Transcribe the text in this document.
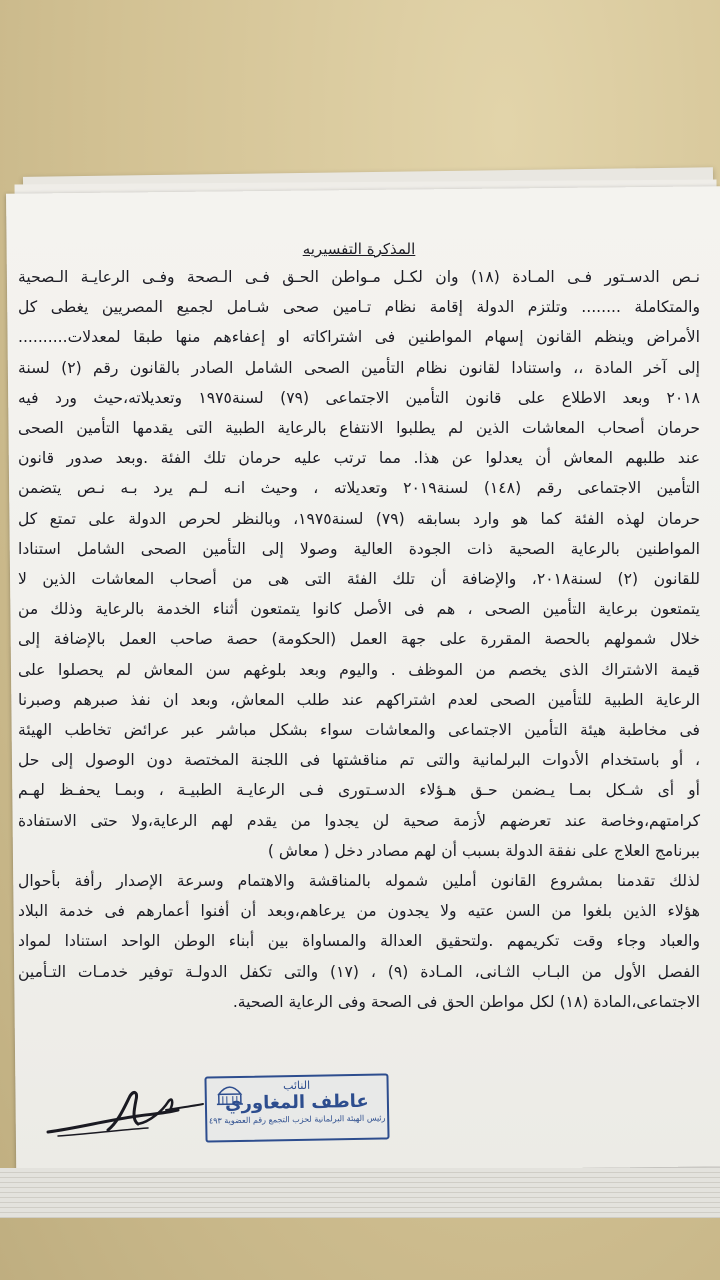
المذكرة التفسيريه
نـص الدسـتور فـى المـادة (١٨) وان لكـل مـواطن الحـق فـى الـصحة وفـى الرعايـة الـصحية
والمتكاملة ........ وتلتزم الدولة إقامة نظام تـامين صحى شـامل لجميع المصريين يغطى كل
الأمراض وينظم القانون إسهام المواطنين فى اشتراكاته او إعفاءهم منها طبقا لمعدلات..........
إلى آخر المادة ،، واستنادا لقانون نظام التأمين الصحى الشامل الصادر بالقانون رقم (٢) لسنة
٢٠١٨ وبعد الاطلاع على قانون التأمين الاجتماعى (٧٩) لسنة١٩٧٥ وتعديلاته،حيث ورد فيه
حرمان أصحاب المعاشات الذين لم يطلبوا الانتفاع بالرعاية الطبية التى يقدمها التأمين الصحى
عند طلبهم المعاش أن يعدلوا عن هذا. مما ترتب عليه حرمان تلك الفئة .وبعد صدور قانون
التأمين الاجتماعى رقم (١٤٨) لسنة٢٠١٩ وتعديلاته ، وحيث انـه لـم يرد بـه نـص يتضمن
حرمان لهذه الفئة كما هو وارد بسابقه (٧٩) لسنة١٩٧٥، وبالنظر لحرص الدولة على تمتع كل
المواطنين بالرعاية الصحية ذات الجودة العالية وصولا إلى التأمين الصحى الشامل استنادا
للقانون (٢) لسنة٢٠١٨، والإضافة أن تلك الفئة التى هى من أصحاب المعاشات الذين لا
يتمتعون برعاية التأمين الصحى ، هم فى الأصل كانوا يتمتعون أثناء الخدمة بالرعاية وذلك من
خلال شمولهم بالحصة المقررة على جهة العمل (الحكومة) حصة صاحب العمل بالإضافة إلى
قيمة الاشتراك الذى يخصم من الموظف . واليوم وبعد بلوغهم سن المعاش لم يحصلوا على
الرعاية الطبية للتأمين الصحى لعدم اشتراكهم عند طلب المعاش، وبعد ان نفذ صبرهم وصبرنا
فى مخاطبة هيئة التأمين الاجتماعى والمعاشات سواء بشكل مباشر عبر عرائض تخاطب الهيئة
، أو باستخدام الأدوات البرلمانية والتى تم مناقشتها فى اللجنة المختصة دون الوصول إلى حل
أو أى شـكل بمـا يـضمن حـق هـؤلاء الدسـتورى فـى الرعايـة الطبيـة ، وبمـا يحفـظ لهـم
كرامتهم،وخاصة عند تعرضهم لأزمة صحية لن يجدوا من يقدم لهم الرعاية،ولا حتى الاستفادة
ببرنامج العلاج على نفقة الدولة بسبب أن لهم مصادر دخل ( معاش )
لذلك تقدمنا بمشروع القانون أملين شموله بالمناقشة والاهتمام وسرعة الإصدار رأفة بأحوال
هؤلاء الذين بلغوا من السن عتيه ولا يجدون من يرعاهم،وبعد أن أفنوا أعمارهم فى خدمة البلاد
والعباد وجاء وقت تكريمهم .ولتحقيق العدالة والمساواة بين أبناء الوطن الواحد استنادا لمواد
الفصل الأول من البـاب الثـانى، المـادة (٩) ، (١٧) والتى تكفل الدولـة توفير خدمـات التـأمين
الاجتماعى،المادة (١٨) لكل مواطن الحق فى الصحة وفى الرعاية الصحية.
النائب
عاطف المغاوري
رئيس الهيئة البرلمانية لحزب التجمع رقم العضوية ٤٩٣
